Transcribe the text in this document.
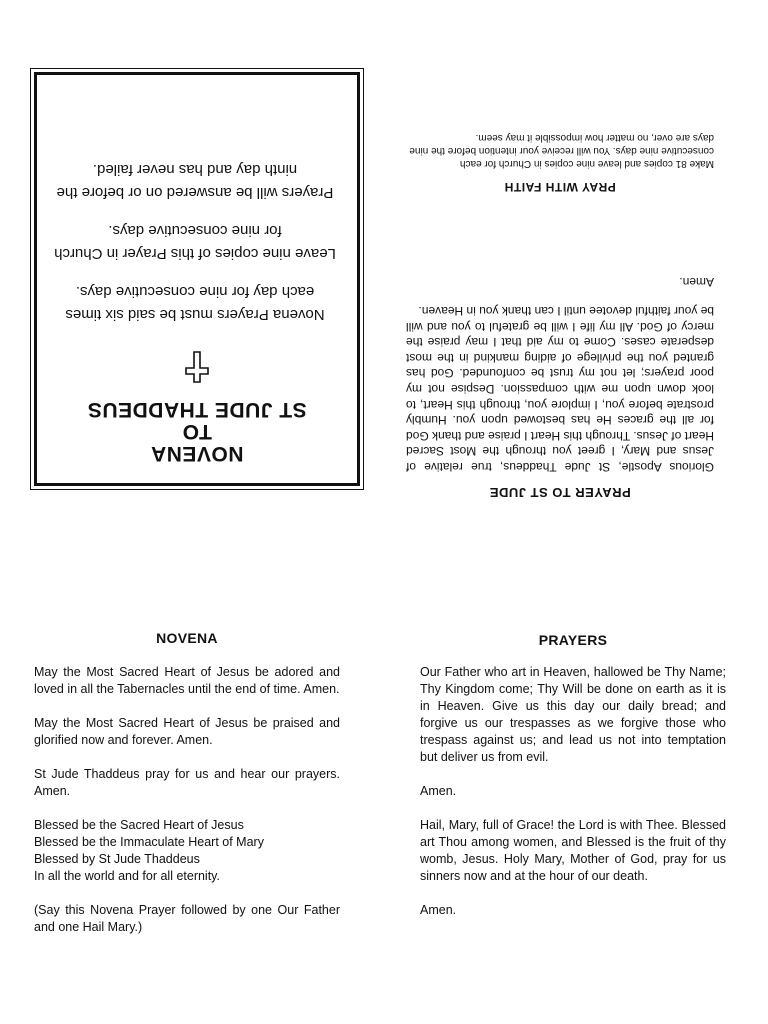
NOVENA
TO
ST JUDE THADDEUS

Novena Prayers must be said six times each day for nine consecutive days.

Leave nine copies of this Prayer in Church for nine consecutive days.

Prayers will be answered on or before the ninth day and has never failed.

PRAYER TO ST JUDE

Glorious Apostle, St Jude Thaddeus, true relative of Jesus and Mary, I greet you through the Most Sacred Heart of Jesus. Through this Heart I praise and thank God for all the graces He has bestowed upon you. Humbly prostrate before you, I implore you, through this Heart, to look down upon me with compassion. Despise not my poor prayers; let not my trust be confounded. God has granted you the privilege of aiding mankind in the most desperate cases. Come to my aid that I may praise the mercy of God. All my life I will be grateful to you and will be your faithful devotee until I can thank you in Heaven.

Amen.

PRAY WITH FAITH
Make 81 copies and leave nine copies in Church for each consecutive nine days. You will receive your intention before the nine days are over, no matter how impossible it may seem.
NOVENA

May the Most Sacred Heart of Jesus be adored and loved in all the Tabernacles until the end of time. Amen.

May the Most Sacred Heart of Jesus be praised and glorified now and forever. Amen.

St Jude Thaddeus pray for us and hear our prayers. Amen.

Blessed be the Sacred Heart of Jesus
Blessed be the Immaculate Heart of Mary
Blessed by St Jude Thaddeus
In all the world and for all eternity.

(Say this Novena Prayer followed by one Our Father and one Hail Mary.)

PRAYERS

Our Father who art in Heaven, hallowed be Thy Name; Thy Kingdom come; Thy Will be done on earth as it is in Heaven. Give us this day our daily bread; and forgive us our trespasses as we forgive those who trespass against us; and lead us not into temptation but deliver us from evil.

Amen.

Hail, Mary, full of Grace! the Lord is with Thee. Blessed art Thou among women, and Blessed is the fruit of thy womb, Jesus. Holy Mary, Mother of God, pray for us sinners now and at the hour of our death.

Amen.
